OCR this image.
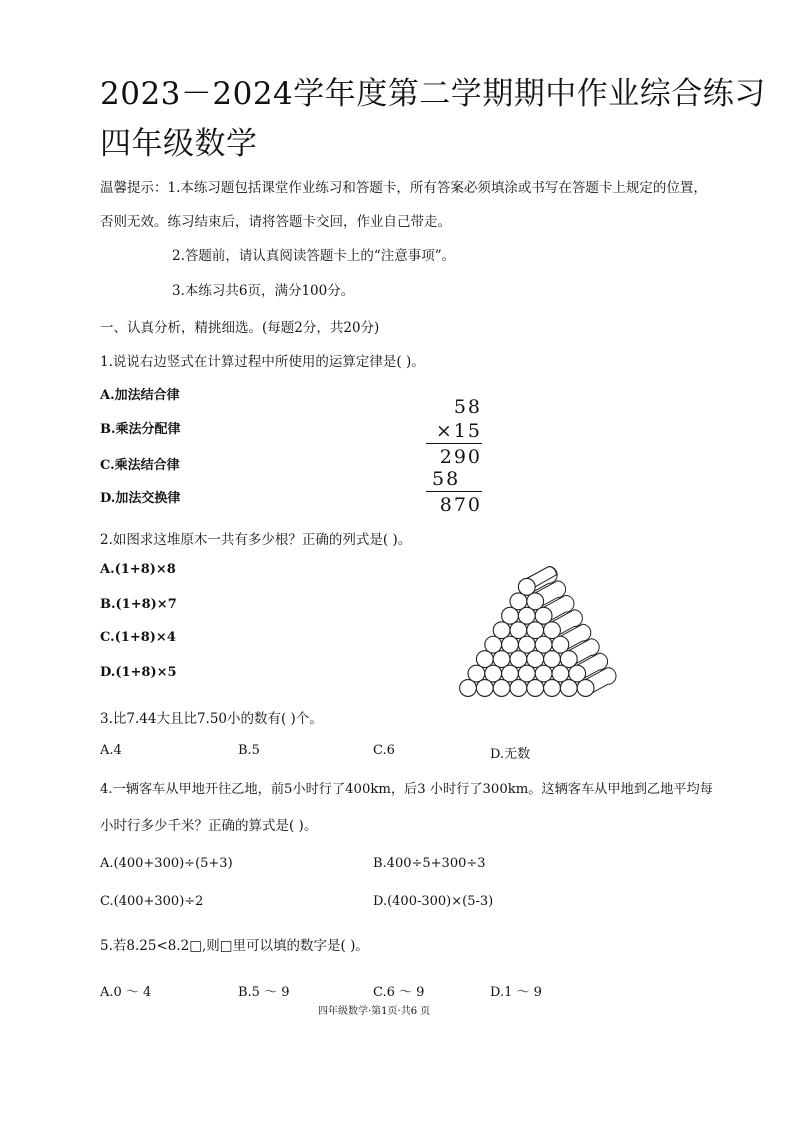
2023－2024学年度第二学期期中作业综合练习
四年级数学
温馨提示：1.本练习题包括课堂作业练习和答题卡，所有答案必须填涂或书写在答题卡上规定的位置，
否则无效。练习结束后，请将答题卡交回，作业自己带走。
2.答题前，请认真阅读答题卡上的“注意事项”。
3.本练习共6页，满分100分。
一、认真分析，精挑细选。(每题2分，共20分)
1.说说右边竖式在计算过程中所使用的运算定律是( )。
A.加法结合律
B.乘法分配律
C.乘法结合律
D.加法交换律
58
×15
290
58
870
2.如图求这堆原木一共有多少根？正确的列式是( )。
A.(1+8)×8
B.(1+8)×7
C.(1+8)×4
D.(1+8)×5
3.比7.44大且比7.50小的数有( )个。
A.4	B.5	C.6	D.无数
4.一辆客车从甲地开往乙地，前5小时行了400km，后3 小时行了300km。这辆客车从甲地到乙地平均每
小时行多少千米？正确的算式是( )。
A.(400+300)÷(5+3)	B.400÷5+300÷3
C.(400+300)÷2	D.(400-300)×(5-3)
5.若8.25<8.2□,则□里可以填的数字是( )。
A.0 ～ 4	B.5 ～ 9	C.6 ～ 9	D.1 ～ 9
四年级数学·第1页·共6 页
